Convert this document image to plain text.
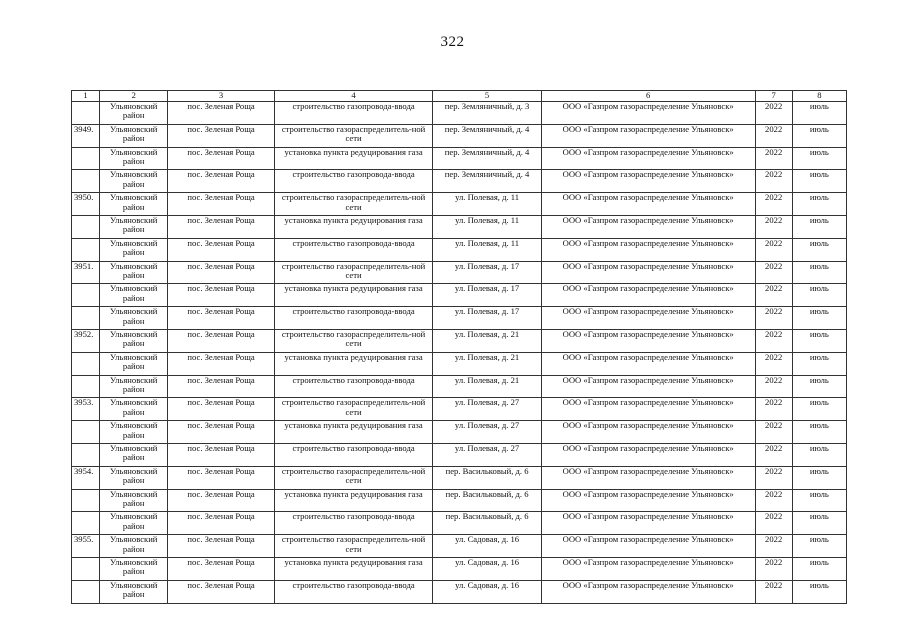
322
1	2	3	4	5	6	7	8
	Ульяновский район	пос. Зеленая Роща	строительство газопровода-ввода	пер. Земляничный, д. 3	ООО «Газпром газораспределение Ульяновск»	2022	июль
3949.	Ульяновский район	пос. Зеленая Роща	строительство газораспределитель-ной сети	пер. Земляничный, д. 4	ООО «Газпром газораспределение Ульяновск»	2022	июль
	Ульяновский район	пос. Зеленая Роща	установка пункта редуцирования газа	пер. Земляничный, д. 4	ООО «Газпром газораспределение Ульяновск»	2022	июль
	Ульяновский район	пос. Зеленая Роща	строительство газопровода-ввода	пер. Земляничный, д. 4	ООО «Газпром газораспределение Ульяновск»	2022	июль
3950.	Ульяновский район	пос. Зеленая Роща	строительство газораспределитель-ной сети	ул. Полевая, д. 11	ООО «Газпром газораспределение Ульяновск»	2022	июль
	Ульяновский район	пос. Зеленая Роща	установка пункта редуцирования газа	ул. Полевая, д. 11	ООО «Газпром газораспределение Ульяновск»	2022	июль
	Ульяновский район	пос. Зеленая Роща	строительство газопровода-ввода	ул. Полевая, д. 11	ООО «Газпром газораспределение Ульяновск»	2022	июль
3951.	Ульяновский район	пос. Зеленая Роща	строительство газораспределитель-ной сети	ул. Полевая, д. 17	ООО «Газпром газораспределение Ульяновск»	2022	июль
	Ульяновский район	пос. Зеленая Роща	установка пункта редуцирования газа	ул. Полевая, д. 17	ООО «Газпром газораспределение Ульяновск»	2022	июль
	Ульяновский район	пос. Зеленая Роща	строительство газопровода-ввода	ул. Полевая, д. 17	ООО «Газпром газораспределение Ульяновск»	2022	июль
3952.	Ульяновский район	пос. Зеленая Роща	строительство газораспределитель-ной сети	ул. Полевая, д. 21	ООО «Газпром газораспределение Ульяновск»	2022	июль
	Ульяновский район	пос. Зеленая Роща	установка пункта редуцирования газа	ул. Полевая, д. 21	ООО «Газпром газораспределение Ульяновск»	2022	июль
	Ульяновский район	пос. Зеленая Роща	строительство газопровода-ввода	ул. Полевая, д. 21	ООО «Газпром газораспределение Ульяновск»	2022	июль
3953.	Ульяновский район	пос. Зеленая Роща	строительство газораспределитель-ной сети	ул. Полевая, д. 27	ООО «Газпром газораспределение Ульяновск»	2022	июль
	Ульяновский район	пос. Зеленая Роща	установка пункта редуцирования газа	ул. Полевая, д. 27	ООО «Газпром газораспределение Ульяновск»	2022	июль
	Ульяновский район	пос. Зеленая Роща	строительство газопровода-ввода	ул. Полевая, д. 27	ООО «Газпром газораспределение Ульяновск»	2022	июль
3954.	Ульяновский район	пос. Зеленая Роща	строительство газораспределитель-ной сети	пер. Васильковый, д. 6	ООО «Газпром газораспределение Ульяновск»	2022	июль
	Ульяновский район	пос. Зеленая Роща	установка пункта редуцирования газа	пер. Васильковый, д. 6	ООО «Газпром газораспределение Ульяновск»	2022	июль
	Ульяновский район	пос. Зеленая Роща	строительство газопровода-ввода	пер. Васильковый, д. 6	ООО «Газпром газораспределение Ульяновск»	2022	июль
3955.	Ульяновский район	пос. Зеленая Роща	строительство газораспределитель-ной сети	ул. Садовая, д. 16	ООО «Газпром газораспределение Ульяновск»	2022	июль
	Ульяновский район	пос. Зеленая Роща	установка пункта редуцирования газа	ул. Садовая, д. 16	ООО «Газпром газораспределение Ульяновск»	2022	июль
	Ульяновский район	пос. Зеленая Роща	строительство газопровода-ввода	ул. Садовая, д. 16	ООО «Газпром газораспределение Ульяновск»	2022	июль
